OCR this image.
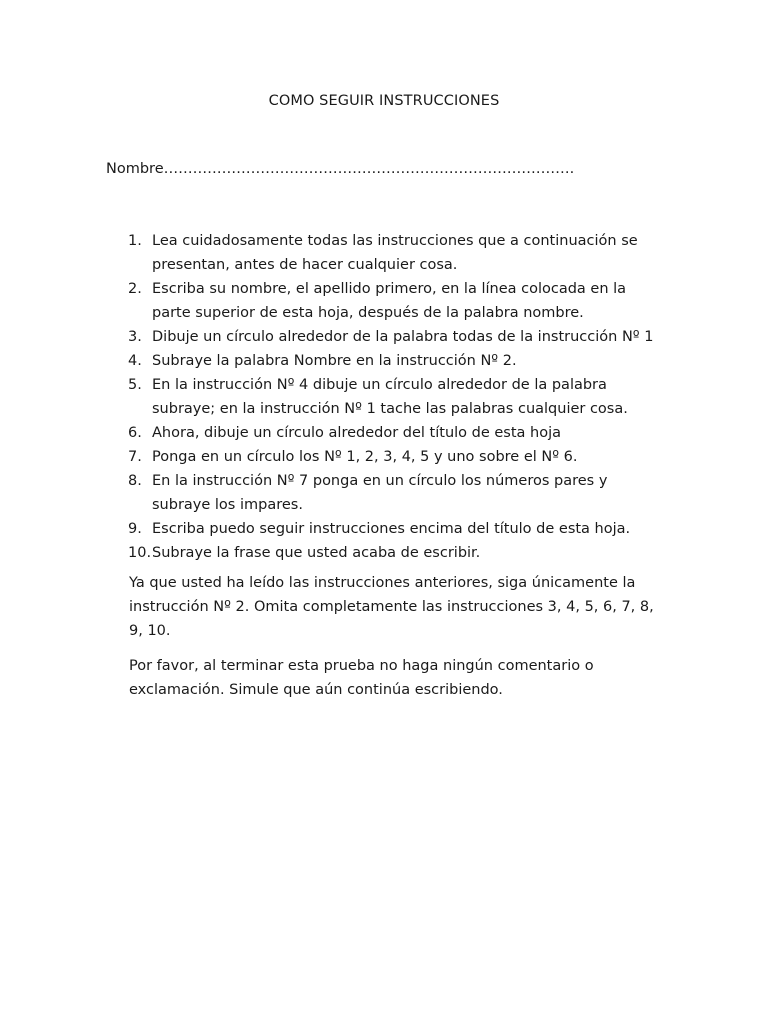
COMO SEGUIR INSTRUCCIONES
Nombre………………………………………………………………………….
1. Lea cuidadosamente todas las instrucciones que a continuación se presentan, antes de hacer cualquier cosa.
2. Escriba su nombre, el apellido primero, en la línea colocada en la parte superior de esta hoja, después de la palabra nombre.
3. Dibuje un círculo alrededor de la palabra todas de la instrucción Nº 1
4. Subraye la palabra Nombre en la instrucción Nº 2.
5. En la instrucción Nº 4 dibuje un círculo alrededor de la palabra subraye; en la instrucción Nº 1 tache las palabras cualquier cosa.
6. Ahora, dibuje un círculo alrededor del título de esta hoja
7. Ponga en un círculo los Nº 1, 2, 3, 4, 5 y uno sobre el Nº 6.
8. En la instrucción Nº 7 ponga en un círculo los números pares y subraye los impares.
9. Escriba puedo seguir instrucciones encima del título de esta hoja.
10. Subraye la frase que usted acaba de escribir.

Ya que usted ha leído las instrucciones anteriores, siga únicamente la instrucción Nº 2. Omita completamente las instrucciones 3, 4, 5, 6, 7, 8, 9, 10.

Por favor, al terminar esta prueba no haga ningún comentario o exclamación. Simule que aún continúa escribiendo.
